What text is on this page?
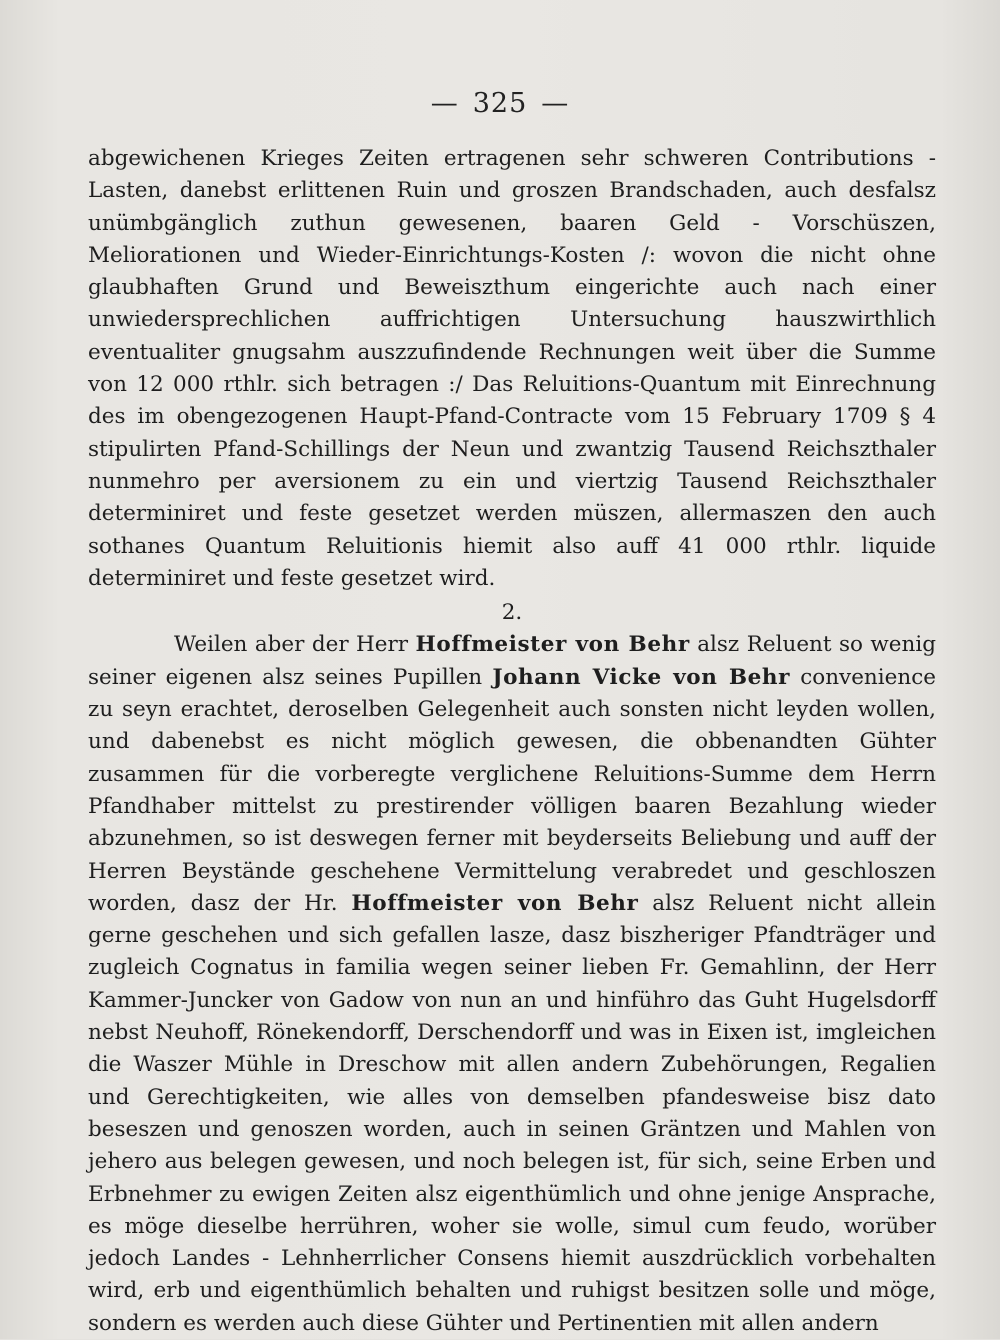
— 325 —

abgewichenen Krieges Zeiten ertragenen sehr schweren Contributions - Lasten, danebst erlittenen Ruin und groszen Brandschaden, auch desfalsz unümbgänglich zuthun gewesenen, baaren Geld - Vorschüszen, Meliorationen und Wieder-Einrichtungs-Kosten /: wovon die nicht ohne glaubhaften Grund und Beweiszthum eingerichte auch nach einer unwiedersprechlichen auffrichtigen Untersuchung hauszwirthlich eventualiter gnugsahm auszzufindende Rechnungen weit über die Summe von 12 000 rthlr. sich betragen :/ Das Reluitions-Quantum mit Einrechnung des im obengezogenen Haupt-Pfand-Contracte vom 15 February 1709 § 4 stipulirten Pfand-Schillings der Neun und zwantzig Tausend Reichszthaler nunmehro per aversionem zu ein und viertzig Tausend Reichszthaler determiniret und feste gesetzet werden müszen, allermaszen den auch sothanes Quantum Reluitionis hiemit also auff 41 000 rthlr. liquide determiniret und feste gesetzet wird.

2.

Weilen aber der Herr Hoffmeister von Behr alsz Reluent so wenig seiner eigenen alsz seines Pupillen Johann Vicke von Behr convenience zu seyn erachtet, deroselben Gelegenheit auch sonsten nicht leyden wollen, und dabenebst es nicht möglich gewesen, die obbenandten Gühter zusammen für die vorberegte verglichene Reluitions-Summe dem Herrn Pfandhaber mittelst zu prestirender völligen baaren Bezahlung wieder abzunehmen, so ist deswegen ferner mit beyderseits Beliebung und auff der Herren Beystände geschehene Vermittelung verabredet und geschloszen worden, dasz der Hr. Hoffmeister von Behr alsz Reluent nicht allein gerne geschehen und sich gefallen lasze, dasz biszheriger Pfandträger und zugleich Cognatus in familia wegen seiner lieben Fr. Gemahlinn, der Herr Kammer-Juncker von Gadow von nun an und hinführo das Guht Hugelsdorff nebst Neuhoff, Rönekendorff, Derschendorff und was in Eixen ist, imgleichen die Waszer Mühle in Dreschow mit allen andern Zubehörungen, Regalien und Gerechtigkeiten, wie alles von demselben pfandesweise bisz dato beseszen und genoszen worden, auch in seinen Gräntzen und Mahlen von jehero aus belegen gewesen, und noch belegen ist, für sich, seine Erben und Erbnehmer zu ewigen Zeiten alsz eigenthümlich und ohne jenige Ansprache, es möge dieselbe herrühren, woher sie wolle, simul cum feudo, worüber jedoch Landes - Lehnherrlicher Consens hiemit auszdrücklich vorbehalten wird, erb und eigenthümlich behalten und ruhigst besitzen solle und möge, sondern es werden auch diese Gühter und Pertinentien mit allen andern
